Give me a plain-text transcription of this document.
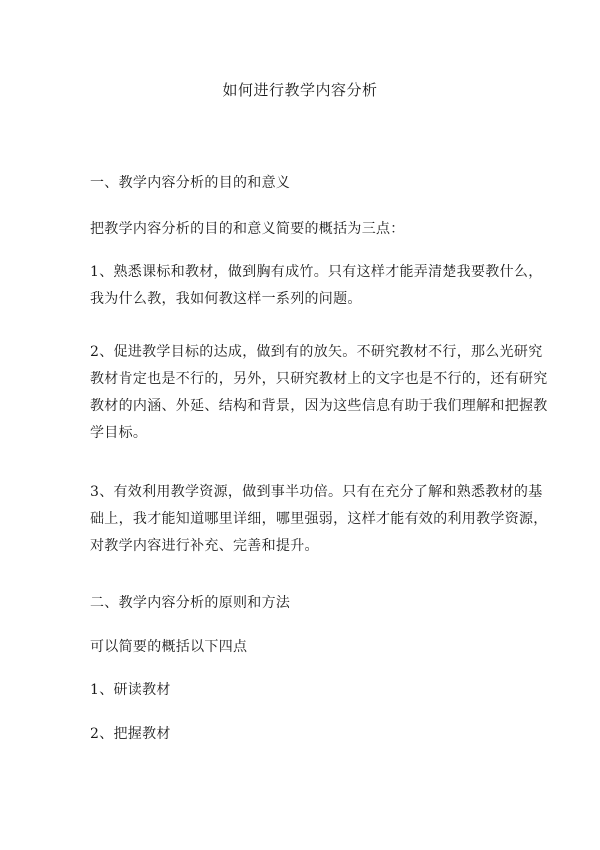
如何进行教学内容分析
一、教学内容分析的目的和意义
把教学内容分析的目的和意义简要的概括为三点：
1、熟悉课标和教材，做到胸有成竹。只有这样才能弄清楚我要教什么，
我为什么教，我如何教这样一系列的问题。
2、促进教学目标的达成，做到有的放矢。不研究教材不行，那么光研究
教材肯定也是不行的，另外，只研究教材上的文字也是不行的，还有研究
教材的内涵、外延、结构和背景，因为这些信息有助于我们理解和把握教
学目标。
3、有效利用教学资源，做到事半功倍。只有在充分了解和熟悉教材的基
础上，我才能知道哪里详细，哪里强弱，这样才能有效的利用教学资源，
对教学内容进行补充、完善和提升。
二、教学内容分析的原则和方法
可以简要的概括以下四点
1、研读教材
2、把握教材
